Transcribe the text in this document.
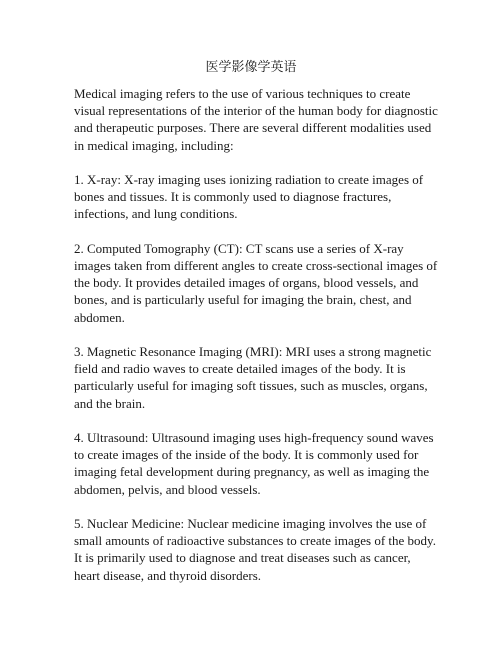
医学影像学英语

Medical imaging refers to the use of various techniques to create visual representations of the interior of the human body for diagnostic and therapeutic purposes. There are several different modalities used in medical imaging, including:

1. X-ray: X-ray imaging uses ionizing radiation to create images of bones and tissues. It is commonly used to diagnose fractures, infections, and lung conditions.

2. Computed Tomography (CT): CT scans use a series of X-ray images taken from different angles to create cross-sectional images of the body. It provides detailed images of organs, blood vessels, and bones, and is particularly useful for imaging the brain, chest, and abdomen.

3. Magnetic Resonance Imaging (MRI): MRI uses a strong magnetic field and radio waves to create detailed images of the body. It is particularly useful for imaging soft tissues, such as muscles, organs, and the brain.

4. Ultrasound: Ultrasound imaging uses high-frequency sound waves to create images of the inside of the body. It is commonly used for imaging fetal development during pregnancy, as well as imaging the abdomen, pelvis, and blood vessels.

5. Nuclear Medicine: Nuclear medicine imaging involves the use of small amounts of radioactive substances to create images of the body. It is primarily used to diagnose and treat diseases such as cancer, heart disease, and thyroid disorders.
